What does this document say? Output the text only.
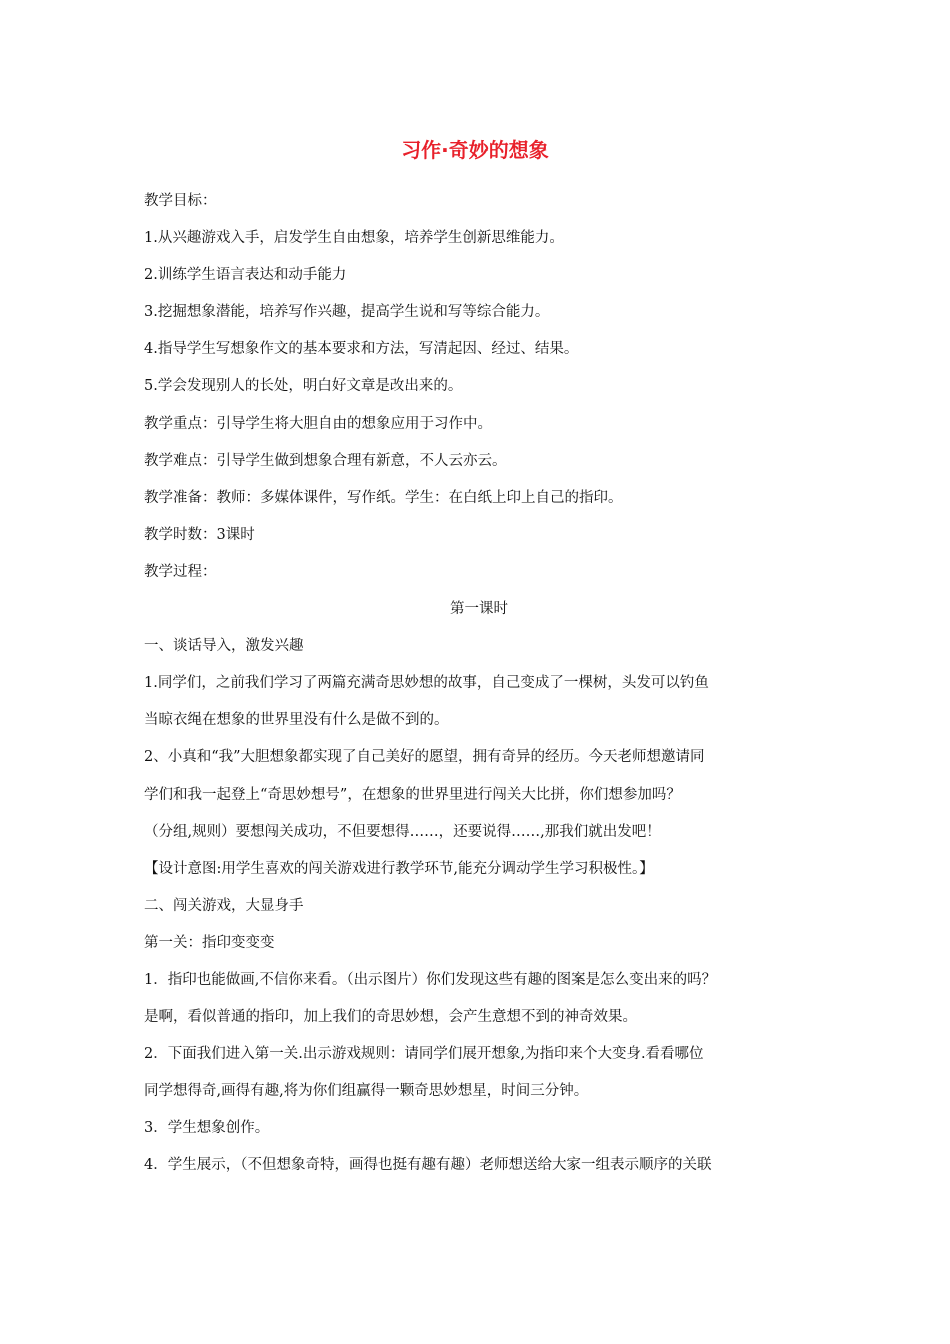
习作·奇妙的想象
教学目标：
1.从兴趣游戏入手，启发学生自由想象，培养学生创新思维能力。
2.训练学生语言表达和动手能力
3.挖掘想象潜能，培养写作兴趣，提高学生说和写等综合能力。
4.指导学生写想象作文的基本要求和方法，写清起因、经过、结果。
5.学会发现别人的长处，明白好文章是改出来的。
教学重点：引导学生将大胆自由的想象应用于习作中。
教学难点：引导学生做到想象合理有新意，不人云亦云。
教学准备：教师：多媒体课件，写作纸。学生：在白纸上印上自己的指印。
教学时数：3课时
教学过程：
第一课时
一、谈话导入，激发兴趣
1.同学们，之前我们学习了两篇充满奇思妙想的故事，自己变成了一棵树，头发可以钓鱼
当晾衣绳在想象的世界里没有什么是做不到的。
2、小真和“我”大胆想象都实现了自己美好的愿望，拥有奇异的经历。今天老师想邀请同
学们和我一起登上“奇思妙想号”，在想象的世界里进行闯关大比拼，你们想参加吗？
（分组,规则）要想闯关成功，不但要想得……，还要说得……,那我们就出发吧！
【设计意图:用学生喜欢的闯关游戏进行教学环节,能充分调动学生学习积极性。】
二、闯关游戏，大显身手
第一关：指印变变变
1．指印也能做画,不信你来看。（出示图片）你们发现这些有趣的图案是怎么变出来的吗？
是啊，看似普通的指印，加上我们的奇思妙想，会产生意想不到的神奇效果。
2．下面我们进入第一关.出示游戏规则：请同学们展开想象,为指印来个大变身.看看哪位
同学想得奇,画得有趣,将为你们组赢得一颗奇思妙想星，时间三分钟。
3．学生想象创作。
4．学生展示，（不但想象奇特，画得也挺有趣有趣）老师想送给大家一组表示顺序的关联
